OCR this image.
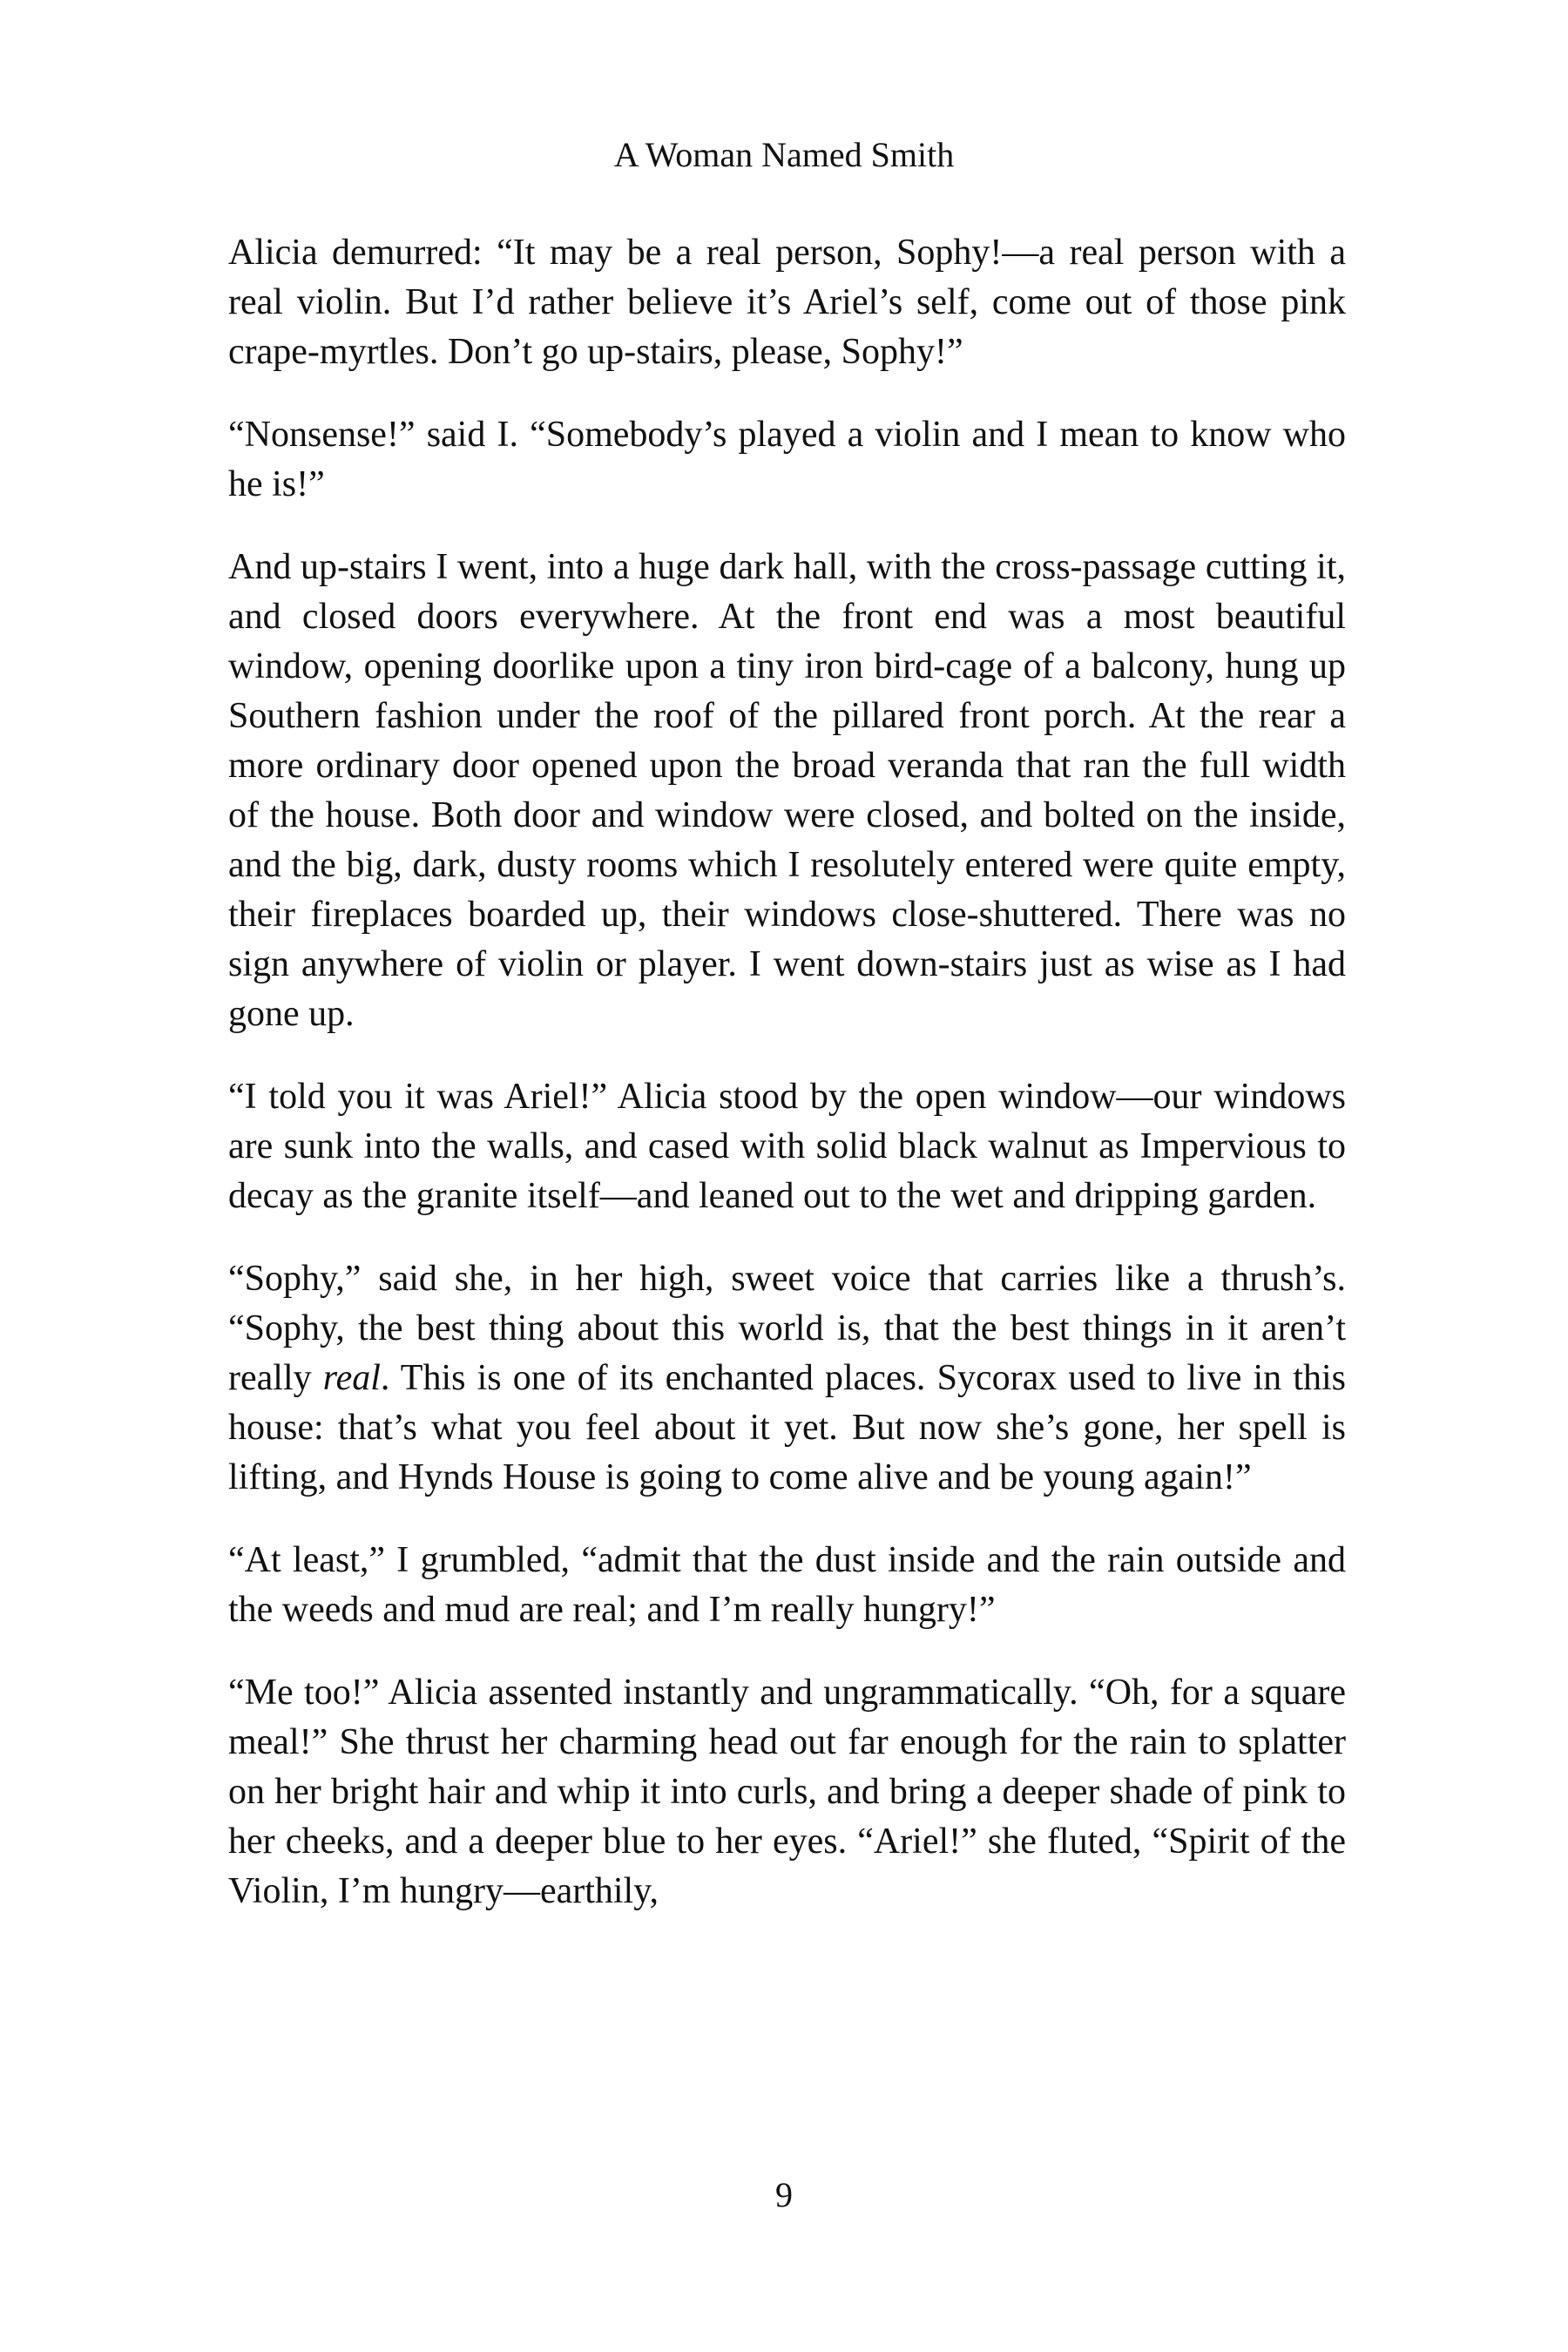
A Woman Named Smith

Alicia demurred: “It may be a real person, Sophy!—a real person with a real violin. But I’d rather believe it’s Ariel’s self, come out of those pink crape-myrtles. Don’t go up-stairs, please, Sophy!”

“Nonsense!” said I. “Somebody’s played a violin and I mean to know who he is!”

And up-stairs I went, into a huge dark hall, with the cross-passage cutting it, and closed doors everywhere. At the front end was a most beautiful window, opening doorlike upon a tiny iron bird-cage of a balcony, hung up Southern fashion under the roof of the pillared front porch. At the rear a more ordinary door opened upon the broad veranda that ran the full width of the house. Both door and window were closed, and bolted on the inside, and the big, dark, dusty rooms which I resolutely entered were quite empty, their fireplaces boarded up, their windows close-shuttered. There was no sign anywhere of violin or player. I went down-stairs just as wise as I had gone up.

“I told you it was Ariel!” Alicia stood by the open window—our windows are sunk into the walls, and cased with solid black walnut as Impervious to decay as the granite itself—and leaned out to the wet and dripping garden.

“Sophy,” said she, in her high, sweet voice that carries like a thrush’s. “Sophy, the best thing about this world is, that the best things in it aren’t really real. This is one of its enchanted places. Sycorax used to live in this house: that’s what you feel about it yet. But now she’s gone, her spell is lifting, and Hynds House is going to come alive and be young again!”

“At least,” I grumbled, “admit that the dust inside and the rain outside and the weeds and mud are real; and I’m really hungry!”

“Me too!” Alicia assented instantly and ungrammatically. “Oh, for a square meal!” She thrust her charming head out far enough for the rain to splatter on her bright hair and whip it into curls, and bring a deeper shade of pink to her cheeks, and a deeper blue to her eyes. “Ariel!” she fluted, “Spirit of the Violin, I’m hungry—earthily,

9
